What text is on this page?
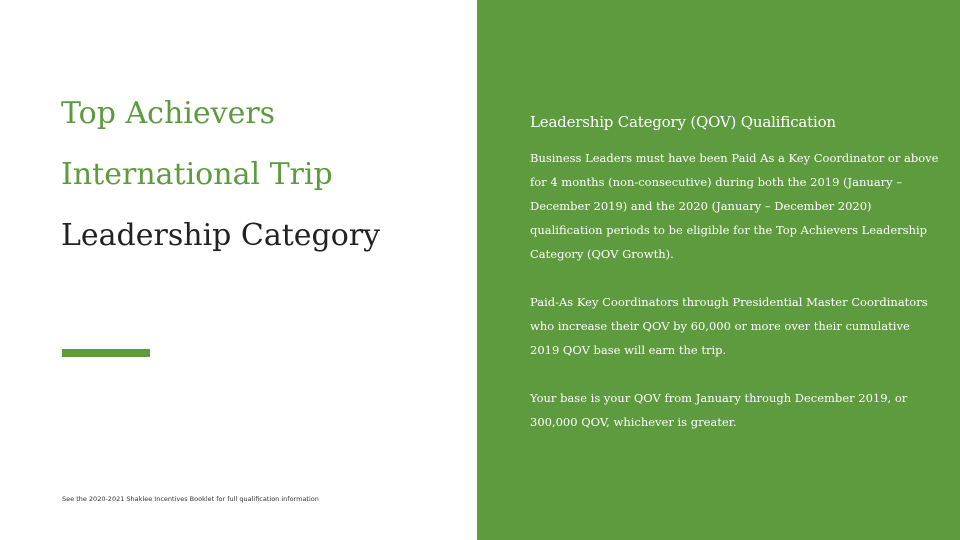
Top Achievers
International Trip
Leadership Category
See the 2020-2021 Shaklee Incentives Booklet for full qualification information
Leadership Category (QOV) Qualification
Business Leaders must have been Paid As a Key Coordinator or above for 4 months (non-consecutive) during both the 2019 (January – December 2019) and the 2020 (January – December 2020) qualification periods to be eligible for the Top Achievers Leadership Category (QOV Growth).
Paid-As Key Coordinators through Presidential Master Coordinators who increase their QOV by 60,000 or more over their cumulative 2019 QOV base will earn the trip.
Your base is your QOV from January through December 2019, or 300,000 QOV, whichever is greater.
